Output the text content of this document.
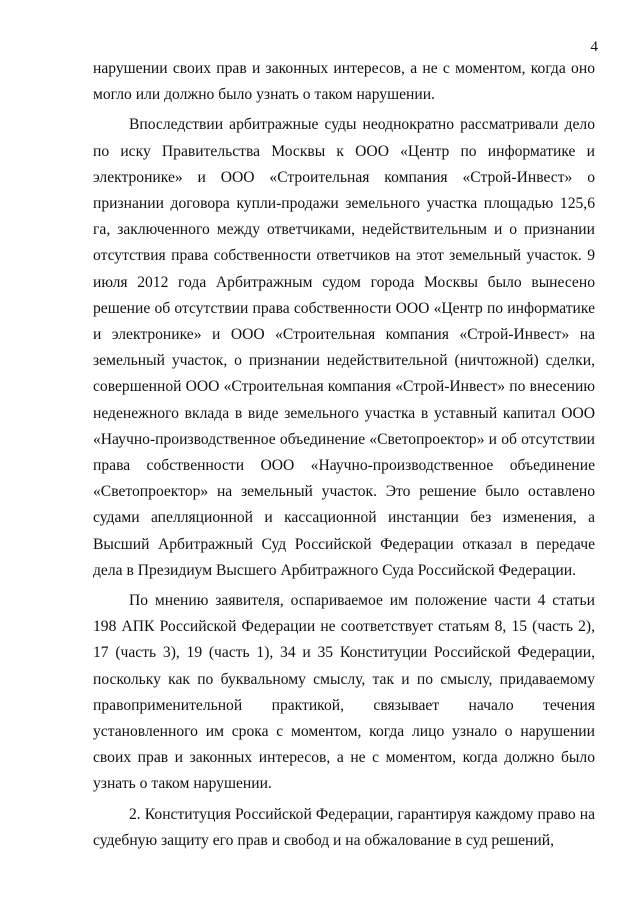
4

нарушении своих прав и законных интересов, а не с моментом, когда оно могло или должно было узнать о таком нарушении.

Впоследствии арбитражные суды неоднократно рассматривали дело по иску Правительства Москвы к ООО «Центр по информатике и электронике» и ООО «Строительная компания «Строй-Инвест» о признании договора купли-продажи земельного участка площадью 125,6 га, заключенного между ответчиками, недействительным и о признании отсутствия права собственности ответчиков на этот земельный участок. 9 июля 2012 года Арбитражным судом города Москвы было вынесено решение об отсутствии права собственности ООО «Центр по информатике и электронике» и ООО «Строительная компания «Строй-Инвест» на земельный участок, о признании недействительной (ничтожной) сделки, совершенной ООО «Строительная компания «Строй-Инвест» по внесению неденежного вклада в виде земельного участка в уставный капитал ООО «Научно-производственное объединение «Светопроектор» и об отсутствии права собственности ООО «Научно-производственное объединение «Светопроектор» на земельный участок. Это решение было оставлено судами апелляционной и кассационной инстанции без изменения, а Высший Арбитражный Суд Российской Федерации отказал в передаче дела в Президиум Высшего Арбитражного Суда Российской Федерации.

По мнению заявителя, оспариваемое им положение части 4 статьи 198 АПК Российской Федерации не соответствует статьям 8, 15 (часть 2), 17 (часть 3), 19 (часть 1), 34 и 35 Конституции Российской Федерации, поскольку как по буквальному смыслу, так и по смыслу, придаваемому правоприменительной практикой, связывает начало течения установленного им срока с моментом, когда лицо узнало о нарушении своих прав и законных интересов, а не с моментом, когда должно было узнать о таком нарушении.

2. Конституция Российской Федерации, гарантируя каждому право на судебную защиту его прав и свобод и на обжалование в суд решений,
